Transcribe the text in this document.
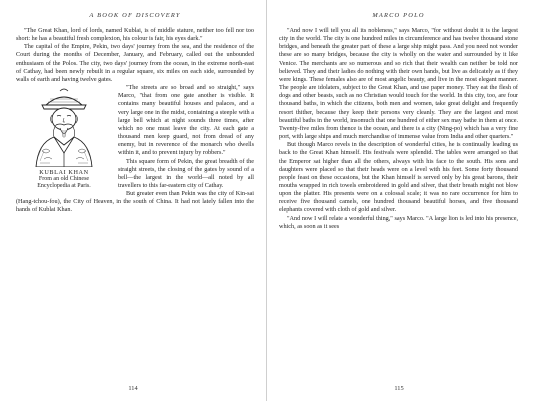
A BOOK OF DISCOVERY

"The Great Khan, lord of lords, named Kublai, is of middle stature, neither too fell nor too short: he has a beautiful fresh complexion, his colour is fair, his eyes dark."

The capital of the Empire, Pekin, two days' journey from the sea, and the residence of the Court during the months of December, January, and February, called out the unbounded enthusiasm of the Polos. The city, two days' journey from the ocean, in the extreme north-east of Cathay, had been newly rebuilt in a regular square, six miles on each side, surrounded by walls of earth and having twelve gates.

KUBLAI KHAN
From an old Chinese
Encyclopedia at Paris.

"The streets are so broad and so straight," says Marco, "that from one gate another is visible. It contains many beautiful houses and palaces, and a very large one in the midst, containing a steeple with a large bell which at night sounds three times, after which no one must leave the city. At each gate a thousand men keep guard, not from dread of any enemy, but in reverence of the monarch who dwells within it, and to prevent injury by robbers."

This square form of Pekin, the great breadth of the straight streets, the closing of the gates by sound of a bell—the largest in the world—all noted by all travellers to this far-eastern city of Cathay.

But greater even than Pekin was the city of Kin-sai (Hang-tchou-fou), the City of Heaven, in the south of China. It had not lately fallen into the hands of Kublai Khan.

114
MARCO POLO

"And now I will tell you all its nobleness," says Marco, "for without doubt it is the largest city in the world. The city is one hundred miles in circumference and has twelve thousand stone bridges, and beneath the greater part of these a large ship might pass. And you need not wonder these are so many bridges, because the city is wholly on the water and surrounded by it like Venice. The merchants are so numerous and so rich that their wealth can neither be told nor believed. They and their ladies do nothing with their own hands, but live as delicately as if they were kings. These females also are of most angelic beauty, and live in the most elegant manner. The people are idolaters, subject to the Great Khan, and use paper money. They eat the flesh of dogs and other beasts, such as no Christian would touch for the world. In this city, too, are four thousand baths, in which the citizens, both men and women, take great delight and frequently resort thither, because they keep their persons very cleanly. They are the largest and most beautiful baths in the world, insomuch that one hundred of either sex may bathe in them at once. Twenty-five miles from thence is the ocean, and there is a city (Ning-po) which has a very fine port, with large ships and much merchandise of immense value from India and other quarters."

But though Marco revels in the description of wonderful cities, he is continually leading us back to the Great Khan himself. His festivals were splendid. The tables were arranged so that the Emperor sat higher than all the others, always with his face to the south. His sons and daughters were placed so that their heads were on a level with his feet. Some forty thousand people feast on these occasions, but the Khan himself is served only by his great barons, their mouths wrapped in rich towels embroidered in gold and silver, that their breath might not blow upon the platter. His presents were on a colossal scale; it was no rare occurrence for him to receive five thousand camels, one hundred thousand beautiful horses, and five thousand elephants covered with cloth of gold and silver.

"And now I will relate a wonderful thing," says Marco. "A large lion is led into his presence, which, as soon as it sees

115
